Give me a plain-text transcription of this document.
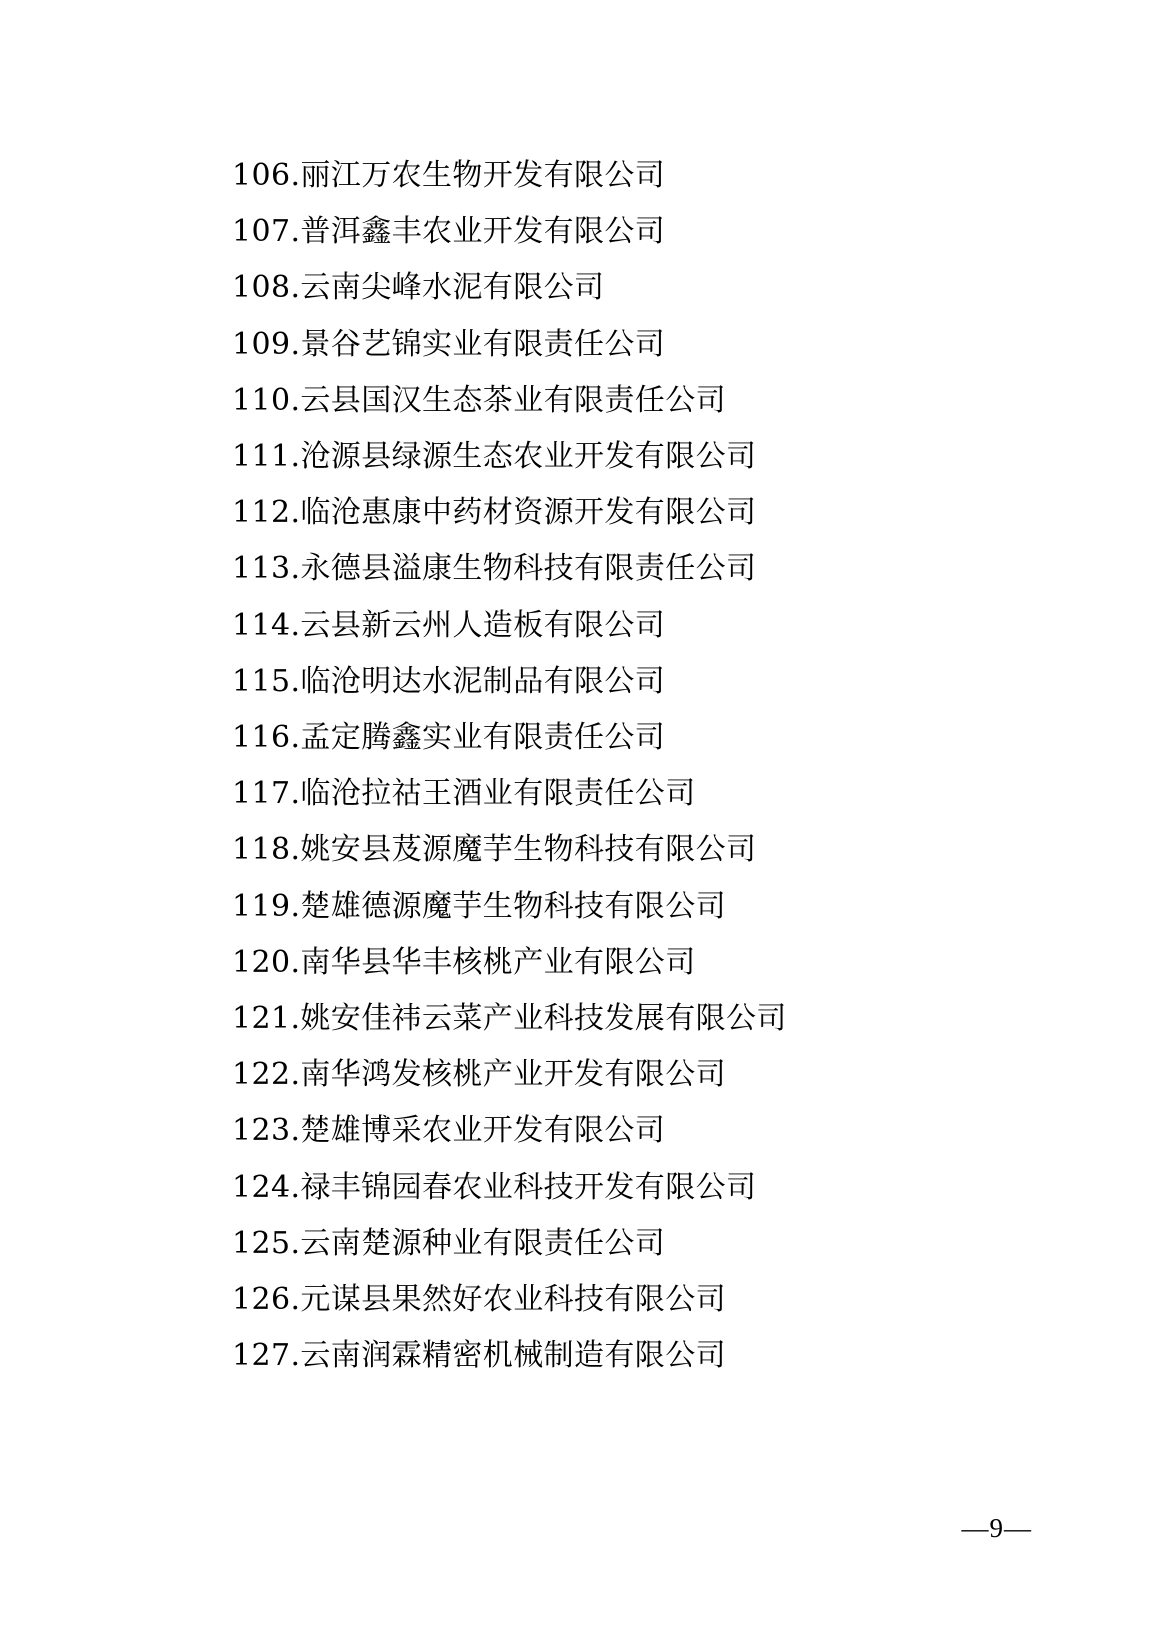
106.丽江万农生物开发有限公司
107.普洱鑫丰农业开发有限公司
108.云南尖峰水泥有限公司
109.景谷艺锦实业有限责任公司
110.云县国汉生态茶业有限责任公司
111.沧源县绿源生态农业开发有限公司
112.临沧惠康中药材资源开发有限公司
113.永德县溢康生物科技有限责任公司
114.云县新云州人造板有限公司
115.临沧明达水泥制品有限公司
116.孟定腾鑫实业有限责任公司
117.临沧拉祜王酒业有限责任公司
118.姚安县芨源魔芋生物科技有限公司
119.楚雄德源魔芋生物科技有限公司
120.南华县华丰核桃产业有限公司
121.姚安佳祎云菜产业科技发展有限公司
122.南华鸿发核桃产业开发有限公司
123.楚雄博采农业开发有限公司
124.禄丰锦园春农业科技开发有限公司
125.云南楚源种业有限责任公司
126.元谋县果然好农业科技有限公司
127.云南润霖精密机械制造有限公司
—9—
